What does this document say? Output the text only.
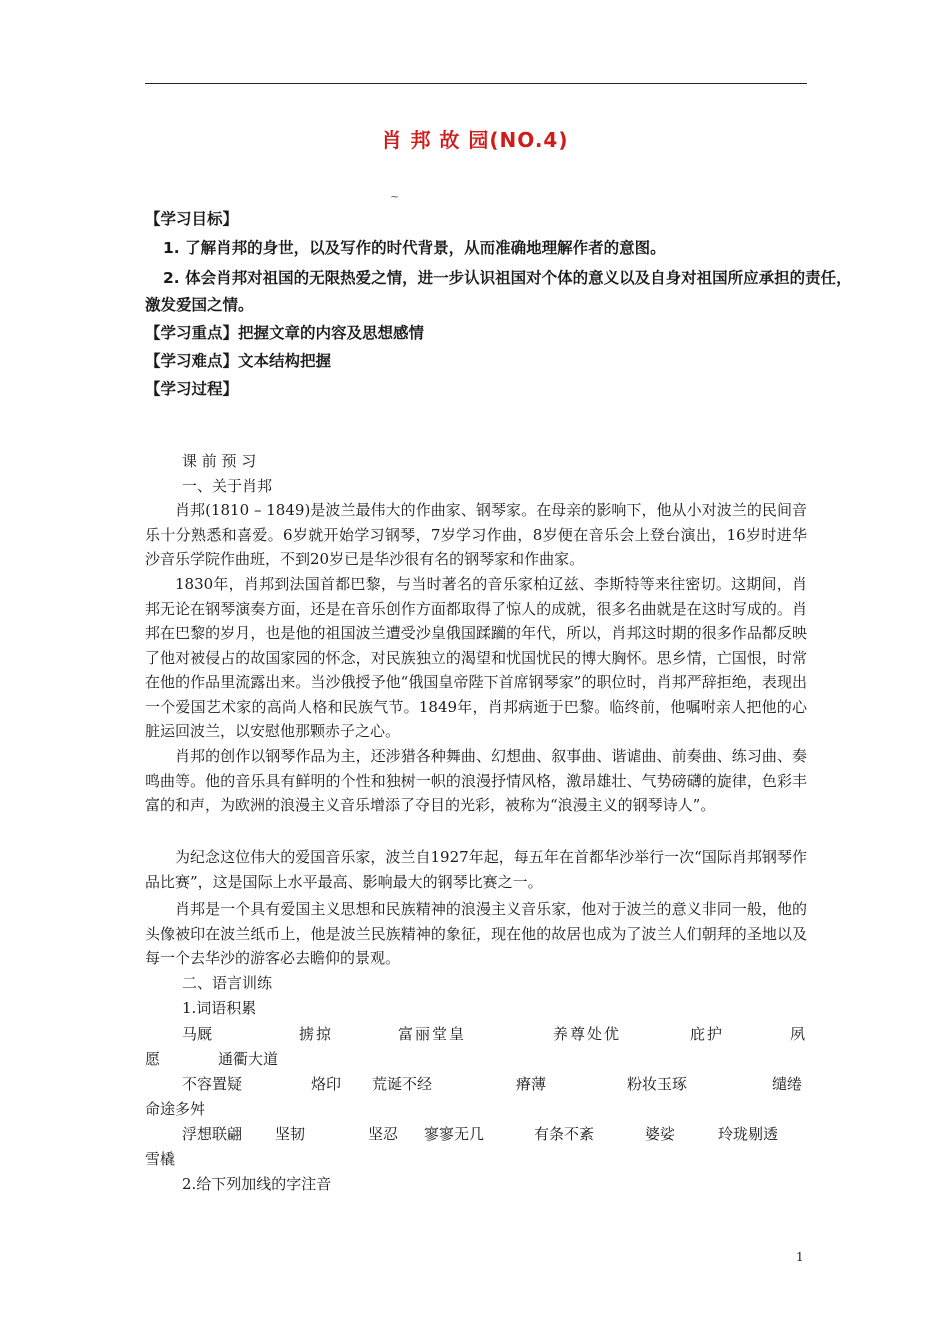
肖 邦 故 园(NO.4)
~
【学习目标】
1. 了解肖邦的身世，以及写作的时代背景，从而准确地理解作者的意图。
2. 体会肖邦对祖国的无限热爱之情，进一步认识祖国对个体的意义以及自身对祖国所应承担的责任，
激发爱国之情。
【学习重点】把握文章的内容及思想感情
【学习难点】文本结构把握
【学习过程】
课 前 预 习
一、关于肖邦
肖邦(1810 – 1849)是波兰最伟大的作曲家、钢琴家。在母亲的影响下，他从小对波兰的民间音乐十分熟悉和喜爱。6岁就开始学习钢琴，7岁学习作曲，8岁便在音乐会上登台演出，16岁时进华沙音乐学院作曲班，不到20岁已是华沙很有名的钢琴家和作曲家。
1830年，肖邦到法国首都巴黎，与当时著名的音乐家柏辽兹、李斯特等来往密切。这期间，肖邦无论在钢琴演奏方面，还是在音乐创作方面都取得了惊人的成就，很多名曲就是在这时写成的。肖邦在巴黎的岁月，也是他的祖国波兰遭受沙皇俄国蹂躏的年代，所以，肖邦这时期的很多作品都反映了他对被侵占的故国家园的怀念，对民族独立的渴望和忧国忧民的博大胸怀。思乡情，亡国恨，时常在他的作品里流露出来。当沙俄授予他“俄国皇帝陛下首席钢琴家”的职位时，肖邦严辞拒绝，表现出一个爱国艺术家的高尚人格和民族气节。1849年，肖邦病逝于巴黎。临终前，他嘱咐亲人把他的心脏运回波兰，以安慰他那颗赤子之心。
肖邦的创作以钢琴作品为主，还涉猎各种舞曲、幻想曲、叙事曲、谐谑曲、前奏曲、练习曲、奏鸣曲等。他的音乐具有鲜明的个性和独树一帜的浪漫抒情风格，激昂雄壮、气势磅礴的旋律，色彩丰富的和声，为欧洲的浪漫主义音乐增添了夺目的光彩，被称为“浪漫主义的钢琴诗人”。
为纪念这位伟大的爱国音乐家，波兰自1927年起，每五年在首都华沙举行一次“国际肖邦钢琴作品比赛”，这是国际上水平最高、影响最大的钢琴比赛之一。
肖邦是一个具有爱国主义思想和民族精神的浪漫主义音乐家，他对于波兰的意义非同一般，他的头像被印在波兰纸币上，他是波兰民族精神的象征，现在他的故居也成为了波兰人们朝拜的圣地以及每一个去华沙的游客必去瞻仰的景观。
二、语言训练
1.词语积累
马厩	掳掠	富丽堂皇	养尊处优	庇护	夙
愿	通衢大道
不容置疑	烙印 荒诞不经	瘠薄	粉妆玉琢	缱绻
命途多舛
浮想联翩 坚韧	坚忍 寥寥无几	有条不紊	婆娑	玲珑剔透
雪橇
2.给下列加线的字注音
1
